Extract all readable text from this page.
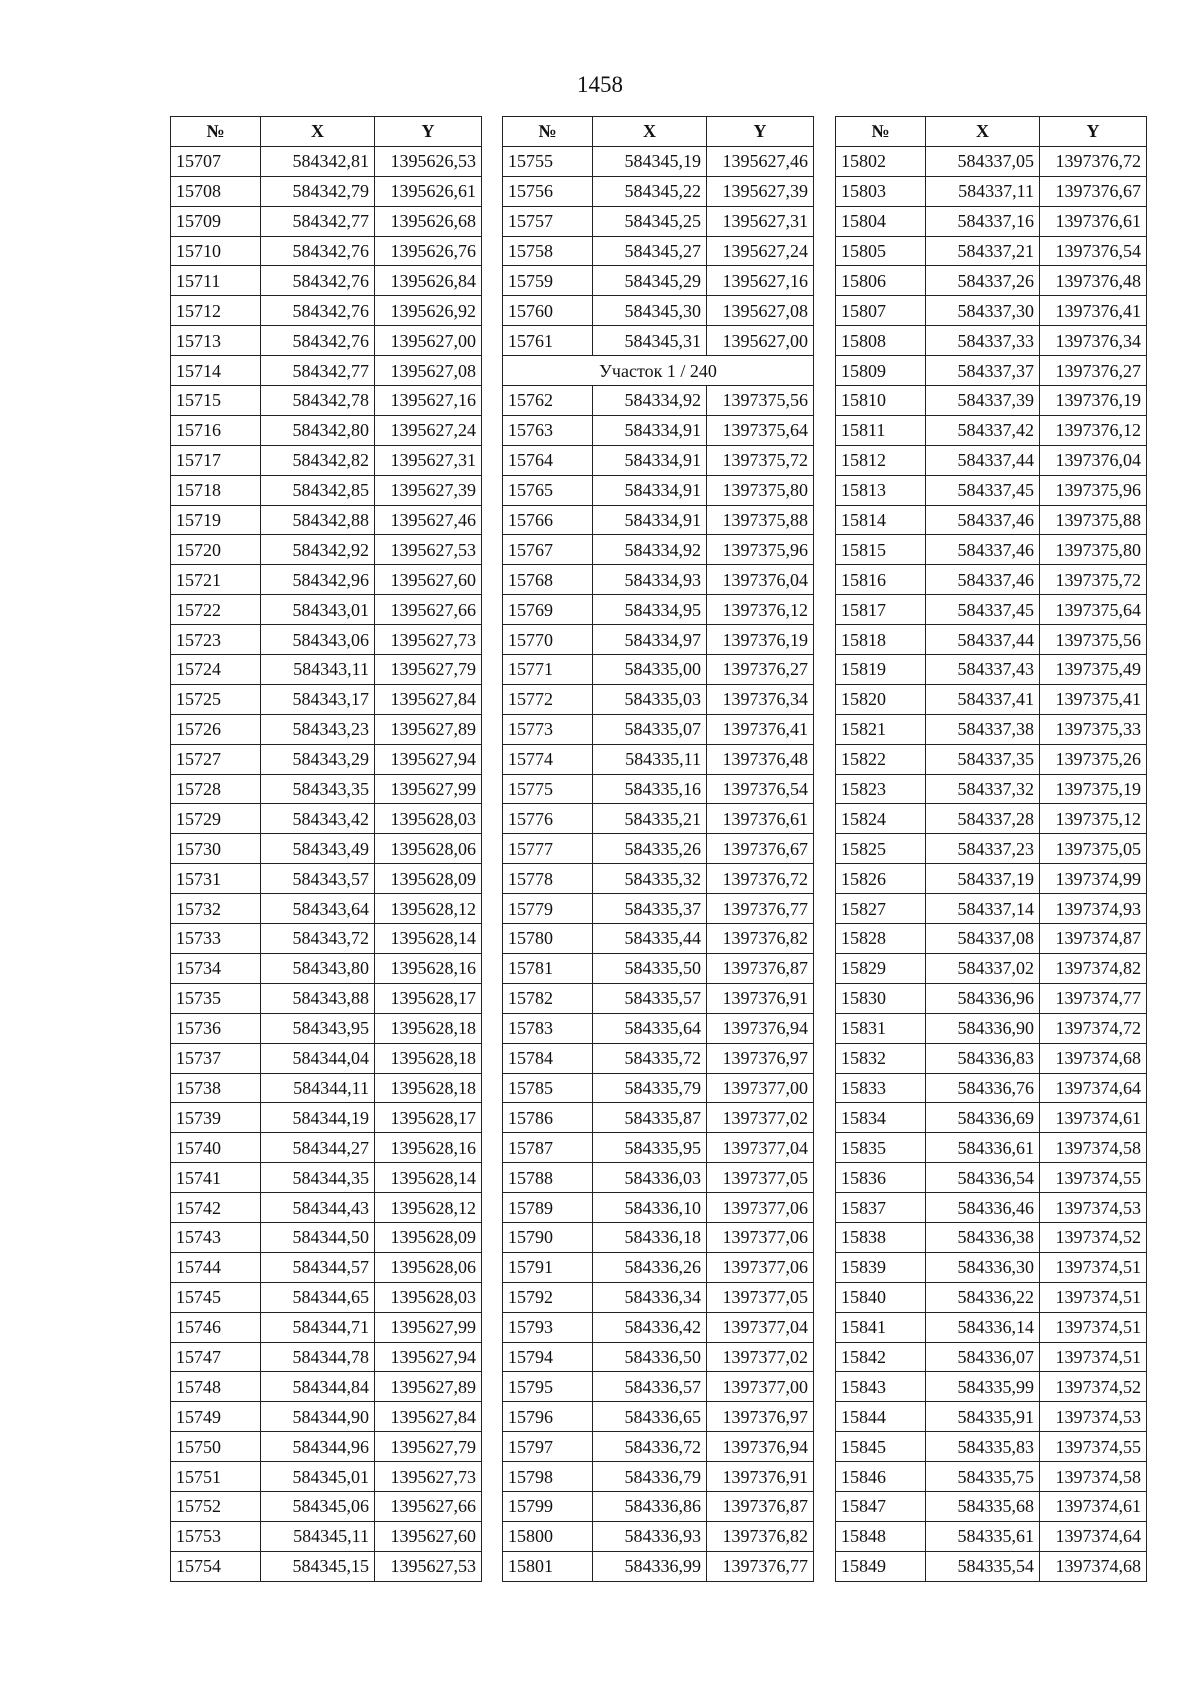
1458
№	X	Y
15707	584342,81	1395626,53
15708	584342,79	1395626,61
15709	584342,77	1395626,68
15710	584342,76	1395626,76
15711	584342,76	1395626,84
15712	584342,76	1395626,92
15713	584342,76	1395627,00
15714	584342,77	1395627,08
15715	584342,78	1395627,16
15716	584342,80	1395627,24
15717	584342,82	1395627,31
15718	584342,85	1395627,39
15719	584342,88	1395627,46
15720	584342,92	1395627,53
15721	584342,96	1395627,60
15722	584343,01	1395627,66
15723	584343,06	1395627,73
15724	584343,11	1395627,79
15725	584343,17	1395627,84
15726	584343,23	1395627,89
15727	584343,29	1395627,94
15728	584343,35	1395627,99
15729	584343,42	1395628,03
15730	584343,49	1395628,06
15731	584343,57	1395628,09
15732	584343,64	1395628,12
15733	584343,72	1395628,14
15734	584343,80	1395628,16
15735	584343,88	1395628,17
15736	584343,95	1395628,18
15737	584344,04	1395628,18
15738	584344,11	1395628,18
15739	584344,19	1395628,17
15740	584344,27	1395628,16
15741	584344,35	1395628,14
15742	584344,43	1395628,12
15743	584344,50	1395628,09
15744	584344,57	1395628,06
15745	584344,65	1395628,03
15746	584344,71	1395627,99
15747	584344,78	1395627,94
15748	584344,84	1395627,89
15749	584344,90	1395627,84
15750	584344,96	1395627,79
15751	584345,01	1395627,73
15752	584345,06	1395627,66
15753	584345,11	1395627,60
15754	584345,15	1395627,53
№	X	Y
15755	584345,19	1395627,46
15756	584345,22	1395627,39
15757	584345,25	1395627,31
15758	584345,27	1395627,24
15759	584345,29	1395627,16
15760	584345,30	1395627,08
15761	584345,31	1395627,00
Участок 1 / 240		
15762	584334,92	1397375,56
15763	584334,91	1397375,64
15764	584334,91	1397375,72
15765	584334,91	1397375,80
15766	584334,91	1397375,88
15767	584334,92	1397375,96
15768	584334,93	1397376,04
15769	584334,95	1397376,12
15770	584334,97	1397376,19
15771	584335,00	1397376,27
15772	584335,03	1397376,34
15773	584335,07	1397376,41
15774	584335,11	1397376,48
15775	584335,16	1397376,54
15776	584335,21	1397376,61
15777	584335,26	1397376,67
15778	584335,32	1397376,72
15779	584335,37	1397376,77
15780	584335,44	1397376,82
15781	584335,50	1397376,87
15782	584335,57	1397376,91
15783	584335,64	1397376,94
15784	584335,72	1397376,97
15785	584335,79	1397377,00
15786	584335,87	1397377,02
15787	584335,95	1397377,04
15788	584336,03	1397377,05
15789	584336,10	1397377,06
15790	584336,18	1397377,06
15791	584336,26	1397377,06
15792	584336,34	1397377,05
15793	584336,42	1397377,04
15794	584336,50	1397377,02
15795	584336,57	1397377,00
15796	584336,65	1397376,97
15797	584336,72	1397376,94
15798	584336,79	1397376,91
15799	584336,86	1397376,87
15800	584336,93	1397376,82
15801	584336,99	1397376,77
№	X	Y
15802	584337,05	1397376,72
15803	584337,11	1397376,67
15804	584337,16	1397376,61
15805	584337,21	1397376,54
15806	584337,26	1397376,48
15807	584337,30	1397376,41
15808	584337,33	1397376,34
15809	584337,37	1397376,27
15810	584337,39	1397376,19
15811	584337,42	1397376,12
15812	584337,44	1397376,04
15813	584337,45	1397375,96
15814	584337,46	1397375,88
15815	584337,46	1397375,80
15816	584337,46	1397375,72
15817	584337,45	1397375,64
15818	584337,44	1397375,56
15819	584337,43	1397375,49
15820	584337,41	1397375,41
15821	584337,38	1397375,33
15822	584337,35	1397375,26
15823	584337,32	1397375,19
15824	584337,28	1397375,12
15825	584337,23	1397375,05
15826	584337,19	1397374,99
15827	584337,14	1397374,93
15828	584337,08	1397374,87
15829	584337,02	1397374,82
15830	584336,96	1397374,77
15831	584336,90	1397374,72
15832	584336,83	1397374,68
15833	584336,76	1397374,64
15834	584336,69	1397374,61
15835	584336,61	1397374,58
15836	584336,54	1397374,55
15837	584336,46	1397374,53
15838	584336,38	1397374,52
15839	584336,30	1397374,51
15840	584336,22	1397374,51
15841	584336,14	1397374,51
15842	584336,07	1397374,51
15843	584335,99	1397374,52
15844	584335,91	1397374,53
15845	584335,83	1397374,55
15846	584335,75	1397374,58
15847	584335,68	1397374,61
15848	584335,61	1397374,64
15849	584335,54	1397374,68
